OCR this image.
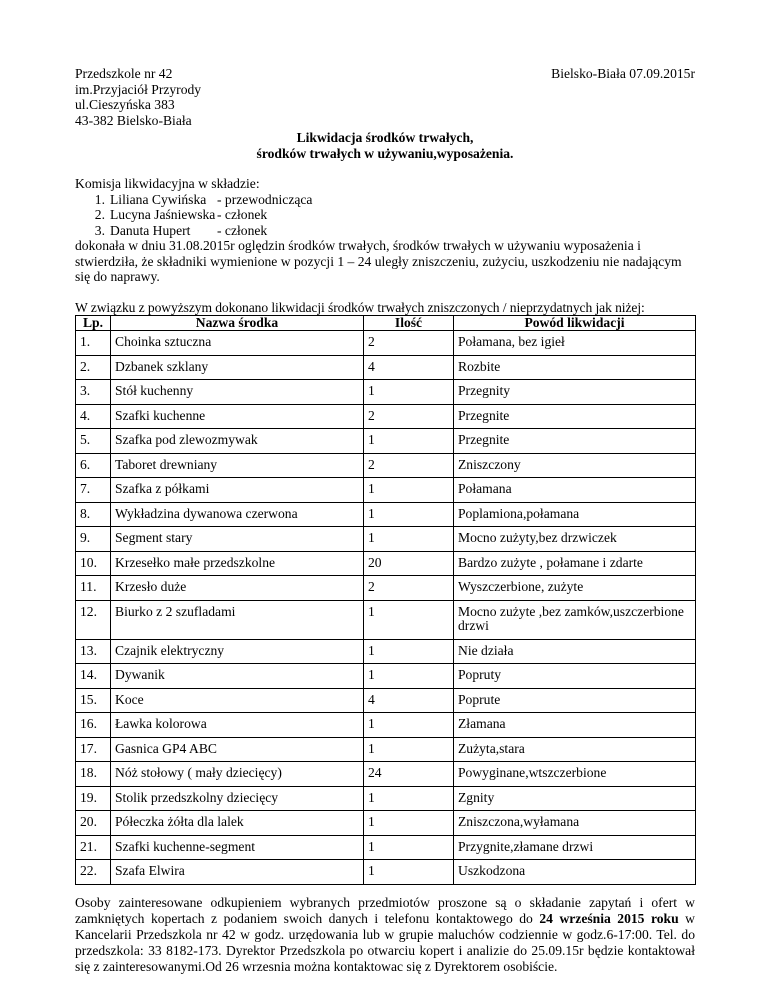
Przedszkole nr 42
im.Przyjaciół Przyrody
ul.Cieszyńska 383
43-382 Bielsko-Biała
Bielsko-Biała 07.09.2015r
Likwidacja środków trwałych,
środków trwałych w używaniu,wyposażenia.
Komisja likwidacyjna w składzie:
1. Liliana Cywińska - przewodnicząca
2. Lucyna Jaśniewska - członek
3. Danuta Hupert	- członek

dokonała w dniu 31.08.2015r oględzin środków trwałych, środków trwałych w używaniu wyposażenia i stwierdziła, że składniki wymienione w pozycji 1 – 24 uległy zniszczeniu, zużyciu, uszkodzeniu nie nadającym się do naprawy.

W związku z powyższym dokonano likwidacji środków trwałych zniszczonych / nieprzydatnych jak niżej:
Lp.	Nazwa środka	Ilość	Powód likwidacji
1.	Choinka sztuczna	2	Połamana, bez igieł
2.	Dzbanek szklany	4	Rozbite
3.	Stół kuchenny	1	Przegnity
4.	Szafki kuchenne	2	Przegnite
5.	Szafka pod zlewozmywak	1	Przegnite
6.	Taboret drewniany	2	Zniszczony
7.	Szafka z półkami	1	Połamana
8.	Wykładzina dywanowa czerwona	1	Poplamiona,połamana
9.	Segment stary	1	Mocno zużyty,bez drzwiczek
10.	Krzesełko małe przedszkolne	20	Bardzo zużyte , połamane i zdarte
11.	Krzesło duże	2	Wyszczerbione, zużyte
12.	Biurko z 2 szufladami	1	Mocno zużyte ,bez zamków,uszczerbione drzwi
13.	Czajnik elektryczny	1	Nie działa
14.	Dywanik	1	Popruty
15.	Koce	4	Poprute
16.	Ławka kolorowa	1	Złamana
17.	Gasnica GP4 ABC	1	Zużyta,stara
18.	Nóż stołowy ( mały dziecięcy)	24	Powyginane,wtszczerbione
19.	Stolik przedszkolny dziecięcy	1	Zgnity
20.	Półeczka żółta dla lalek	1	Zniszczona,wyłamana
21.	Szafki kuchenne-segment	1	Przygnite,złamane drzwi
22.	Szafa Elwira	1	Uszkodzona

Osoby zainteresowane odkupieniem wybranych przedmiotów proszone są o składanie zapytań i ofert w zamkniętych kopertach z podaniem swoich danych i telefonu kontaktowego do 24 września 2015 roku w Kancelarii Przedszkola nr 42 w godz. urzędowania lub w grupie maluchów codziennie w godz.6-17:00. Tel. do przedszkola: 33 8182-173. Dyrektor Przedszkola po otwarciu kopert i analizie do 25.09.15r będzie kontaktował się z zainteresowanymi.Od 26 wrzesnia można kontaktowac się z Dyrektorem osobiście.
